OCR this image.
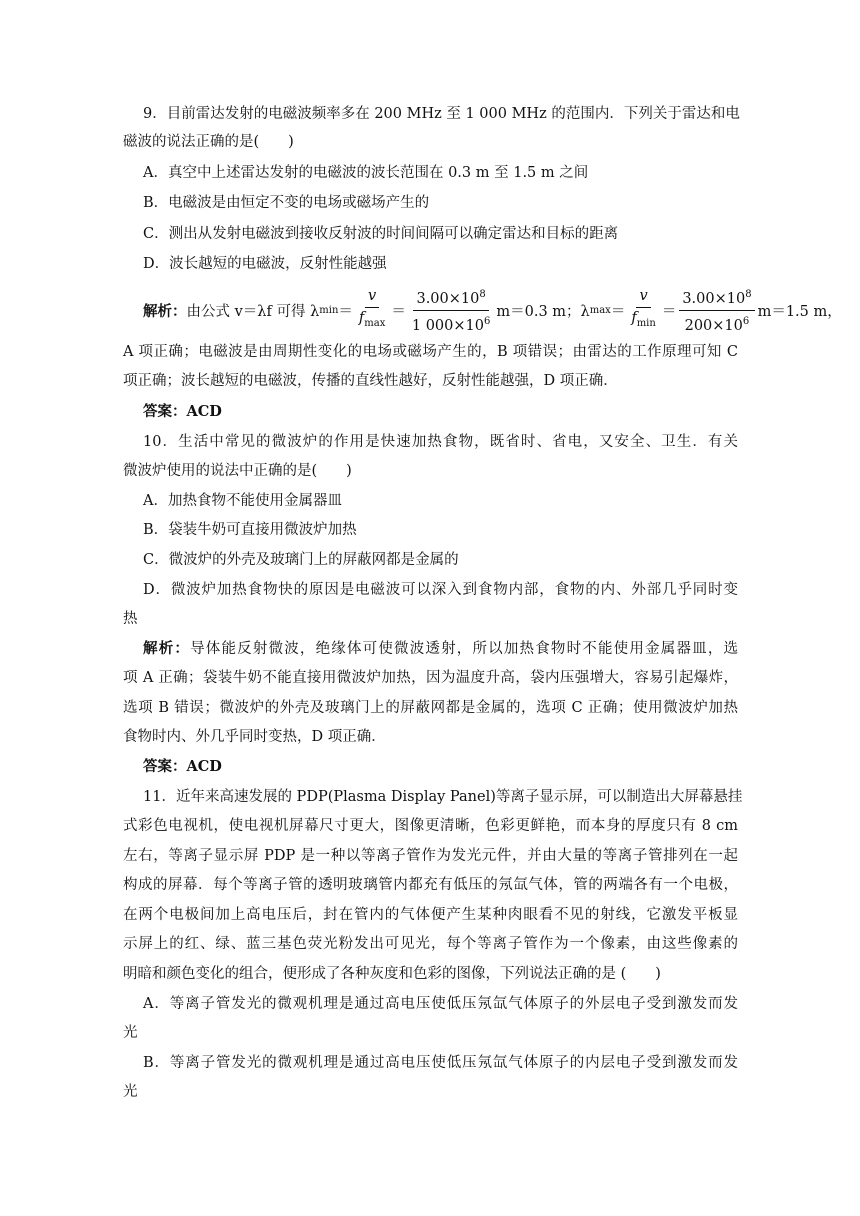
9．目前雷达发射的电磁波频率多在 200 MHz 至 1 000 MHz 的范围内．下列关于雷达和电
磁波的说法正确的是(　　)
A．真空中上述雷达发射的电磁波的波长范围在 0.3 m 至 1.5 m 之间
B．电磁波是由恒定不变的电场或磁场产生的
C．测出从发射电磁波到接收反射波的时间间隔可以确定雷达和目标的距离
D．波长越短的电磁波，反射性能越强
解析： 由公式 v＝λf 可得 λ $\min = \frac{v}{f_{max}} = \frac{3.00\times 10^8}{1 000\times 10^6} m=0.3$ m；λ $\max = \frac{v}{f_{min}} = \frac{3.00\times 10^8}{200\times 10^6} m=1.5$ m，
A 项正确；电磁波是由周期性变化的电场或磁场产生的，B 项错误；由雷达的工作原理可知 C
项正确；波长越短的电磁波，传播的直线性越好，反射性能越强，D 项正确．
答案：ACD
10．生活中常见的微波炉的作用是快速加热食物，既省时、省电，又安全、卫生．有关
微波炉使用的说法中正确的是(　　)
A．加热食物不能使用金属器皿
B．袋装牛奶可直接用微波炉加热
C．微波炉的外壳及玻璃门上的屏蔽网都是金属的
D．微波炉加热食物快的原因是电磁波可以深入到食物内部，食物的内、外部几乎同时变
热
解析：导体能反射微波，绝缘体可使微波透射，所以加热食物时不能使用金属器皿，选
项 A 正确；袋装牛奶不能直接用微波炉加热，因为温度升高，袋内压强增大，容易引起爆炸，
选项 B 错误；微波炉的外壳及玻璃门上的屏蔽网都是金属的，选项 C 正确；使用微波炉加热
食物时内、外几乎同时变热，D 项正确．
答案：ACD
11．近年来高速发展的 PDP(Plasma Display Panel)等离子显示屏，可以制造出大屏幕悬挂
式彩色电视机，使电视机屏幕尺寸更大，图像更清晰，色彩更鲜艳，而本身的厚度只有 8 cm
左右，等离子显示屏 PDP 是一种以等离子管作为发光元件，并由大量的等离子管排列在一起
构成的屏幕．每个等离子管的透明玻璃管内都充有低压的氖氙气体，管的两端各有一个电极，
在两个电极间加上高电压后，封在管内的气体便产生某种肉眼看不见的射线，它激发平板显
示屏上的红、绿、蓝三基色荧光粉发出可见光，每个等离子管作为一个像素，由这些像素的
明暗和颜色变化的组合，便形成了各种灰度和色彩的图像，下列说法正确的是 (　　)
A．等离子管发光的微观机理是通过高电压使低压氖氙气体原子的外层电子受到激发而发
光
B．等离子管发光的微观机理是通过高电压使低压氖氙气体原子的内层电子受到激发而发
光
